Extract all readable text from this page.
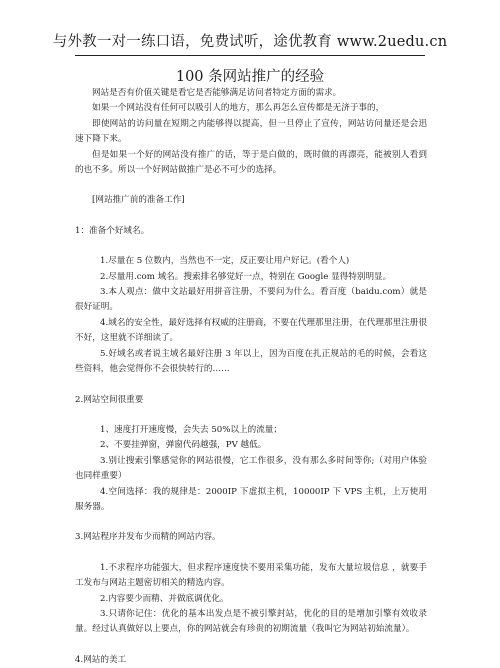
与外教一对一练口语，免费试听，途优教育 www.2uedu.cn
100 条网站推广的经验

网站是否有价值关键是看它是否能够满足访问者特定方面的需求。

如果一个网站没有任何可以吸引人的地方，那么再怎么宣传都是无济于事的，

即使网站的访问量在短期之内能够得以提高，但一旦停止了宣传，网站访问量还是会迅速下降下来。

但是如果一个好的网站没有推广的话，等于是白做的，既时做的再漂亮，能被别人看到的也不多。所以一个好网站做推广是必不可少的选择。

[网站推广前的准备工作]

1：准备个好域名。

1.尽量在 5 位数内，当然也不一定，反正要让用户好记。(看个人)

2.尽量用.com 域名。搜索排名够觉好一点，特别在 Google 显得特别明显。

3.本人观点：做中文站最好用拼音注册，不要问为什么。看百度（baidu.com）就是很好证明。

4.域名的安全性，最好选择有权威的注册商，不要在代理那里注册，在代理那里注册很不好，这里就不详细读了。

5.好域名或者说主域名最好注册 3 年以上，因为百度在扎正规站的毛的时候，会看这些资料，他会觉得你不会很快转行的……

2.网站空间很重要

1、速度打开速度慢，会失去 50%以上的流量；

2、不要挂弹窗，弹窗代码越强，PV 越低。

3.别让搜索引擎感觉你的网站很慢，它工作很多，没有那么多时间等你;（对用户体验也同样重要）

4.空间选择：我的规律是：2000IP 下虚拟主机，10000IP 下 VPS 主机，上万使用服务器。

3.网站程序并发布少而精的网站内容。

1.不求程序功能强大，但求程序速度快不要用采集功能，发布大量垃圾信息 ，就要手工发布与网站主题密切相关的精选内容。

2.内容要少而精、并做底调优化。

3.只请你记住：优化的基本出发点是不被引擎封站，优化的目的是增加引擎有效收录量。经过认真做好以上要点，你的网站就会有珍贵的初期流量（我叫它为网站初始流量）。

4.网站的美工
